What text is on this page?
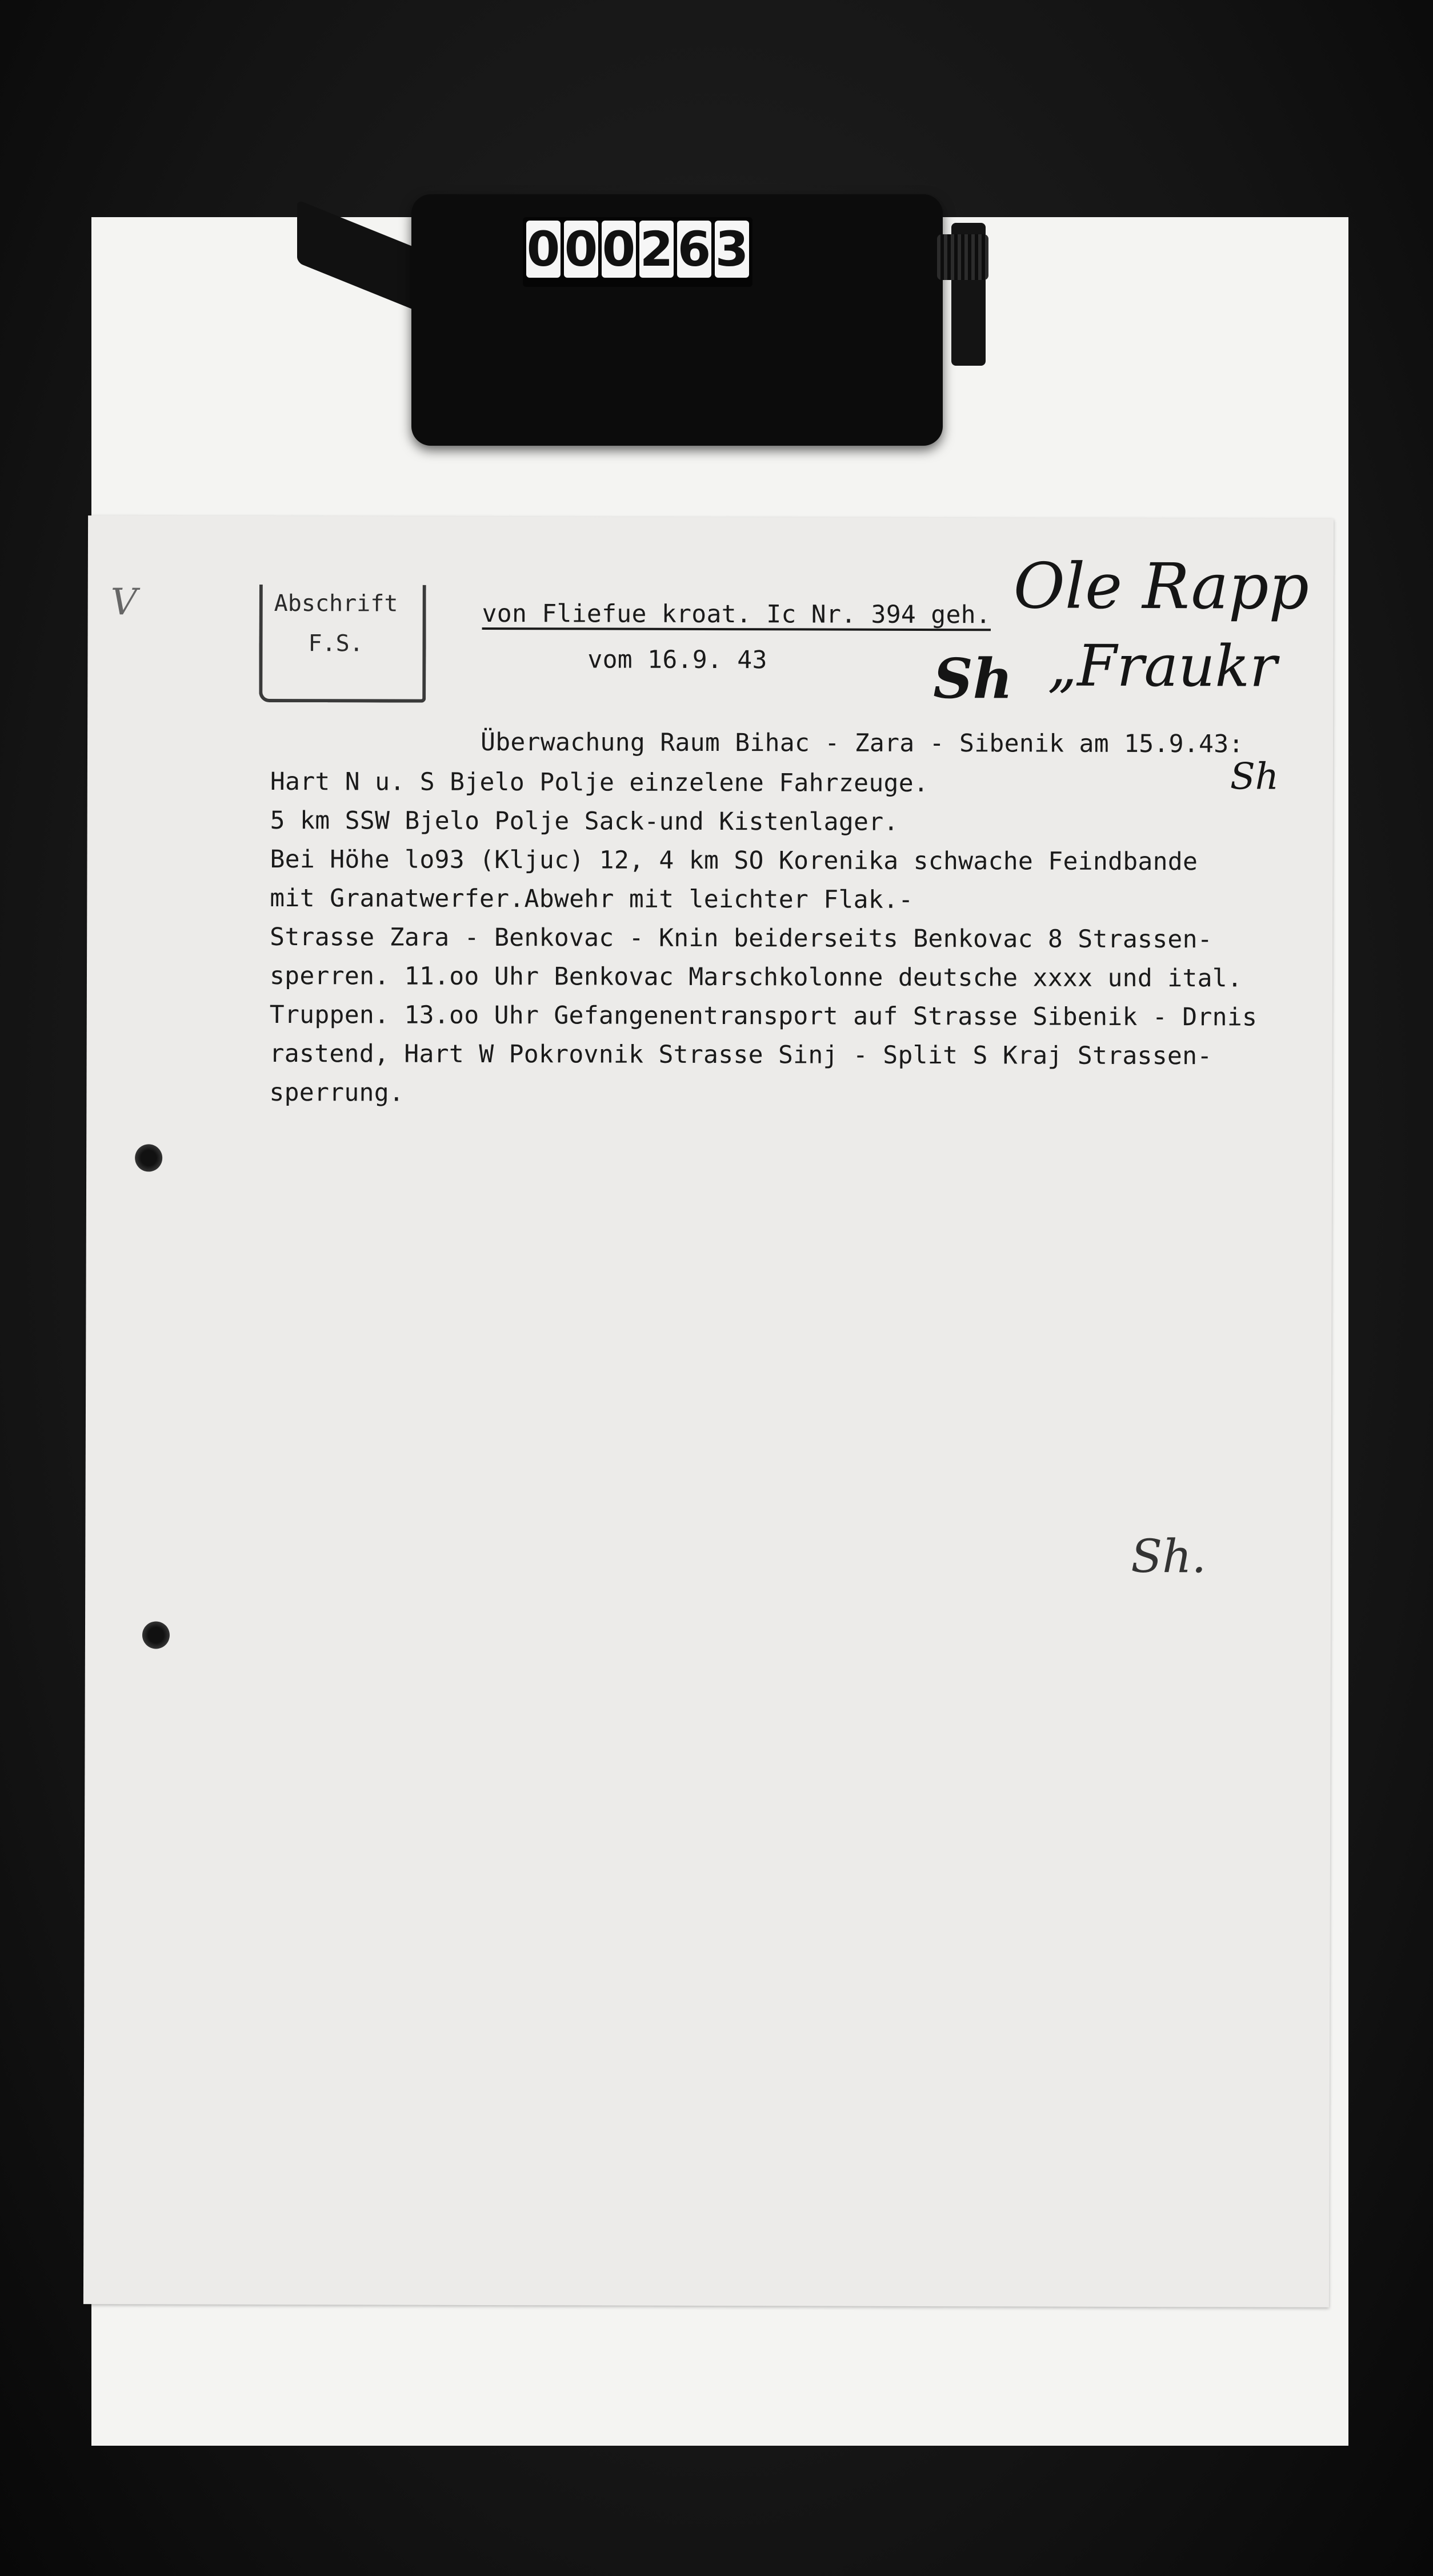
0 0 0 2 6 3
V	Abschrift
F.S.
von Fliefue kroat. Ic Nr. 394 geh.
vom 16.9. 43
Ole Rapp
„Fraukr
Sh
Sh
Überwachung Raum Bihac - Zara - Sibenik am 15.9.43:
Hart N u. S Bjelo Polje einzelene Fahrzeuge.
5 km SSW Bjelo Polje Sack-und Kistenlager.
Bei Höhe lo93 (Kljuc) 12, 4 km SO Korenika schwache Feindbande
mit Granatwerfer.Abwehr mit leichter Flak.-
Strasse Zara - Benkovac - Knin beiderseits Benkovac 8 Strassen-
sperren. 11.oo Uhr Benkovac Marschkolonne deutsche xxxx und ital.
Truppen. 13.oo Uhr Gefangenentransport auf Strasse Sibenik - Drnis
rastend, Hart W Pokrovnik Strasse Sinj - Split S Kraj Strassen-
sperrung.
Sh.
